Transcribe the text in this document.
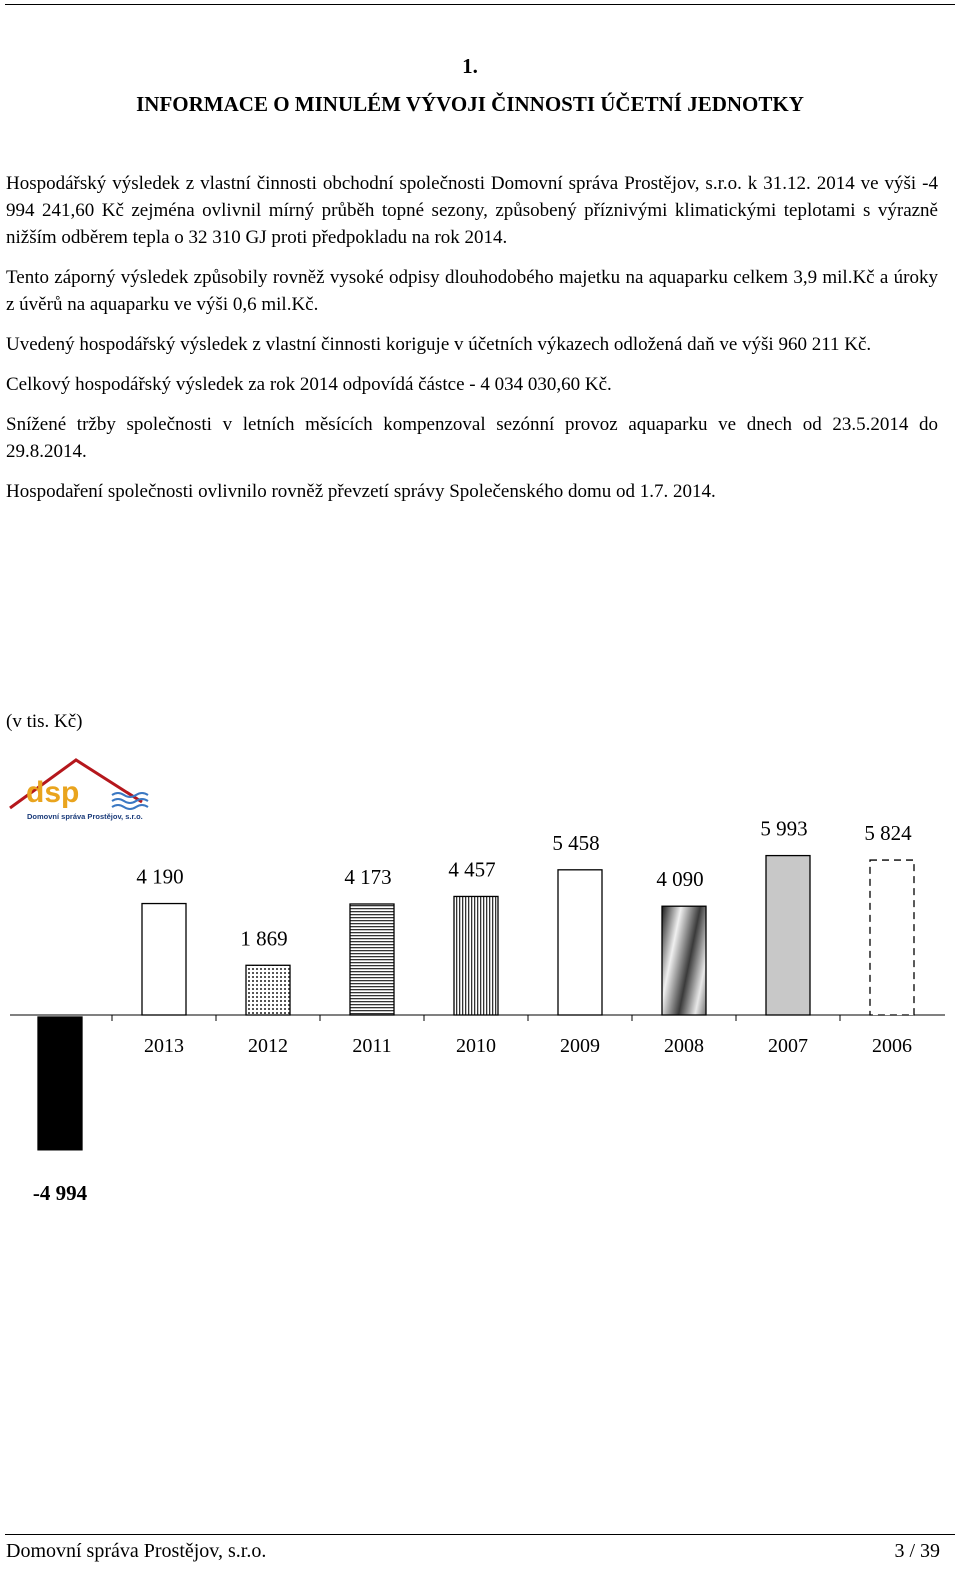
1.
INFORMACE O MINULÉM VÝVOJI ČINNOSTI ÚČETNÍ JEDNOTKY

Hospodářský výsledek z vlastní činnosti obchodní společnosti Domovní správa Prostějov, s.r.o. k 31.12. 2014 ve výši -4 994 241,60 Kč zejména ovlivnil mírný průběh topné sezony, způsobený příznivými klimatickými teplotami s výrazně nižším odběrem tepla o 32 310 GJ proti předpokladu na rok 2014.

Tento záporný výsledek způsobily rovněž vysoké odpisy dlouhodobého majetku na aquaparku celkem 3,9 mil.Kč a úroky z úvěrů na aquaparku ve výši 0,6 mil.Kč.

Uvedený hospodářský výsledek z vlastní činnosti koriguje v účetních výkazech odložená daň ve výši 960 211 Kč.

Celkový hospodářský výsledek za rok 2014 odpovídá částce - 4 034 030,60 Kč.

Snížené tržby společnosti v letních měsících kompenzoval sezónní provoz aquaparku ve dnech od 23.5.2014 do 29.8.2014.

Hospodaření společnosti ovlivnilo rovněž převzetí správy Společenského domu od 1.7. 2014.

(v tis. Kč)
dsp
Domovní správa Prostějov, s.r.o.
-4 994
4 190
1 869
4 173	4 457
5 458
4 090
5 993	5 824
2013	2012	2011	2010	2009	2008	2007	2006
Domovní správa Prostějov, s.r.o.	3 / 39
